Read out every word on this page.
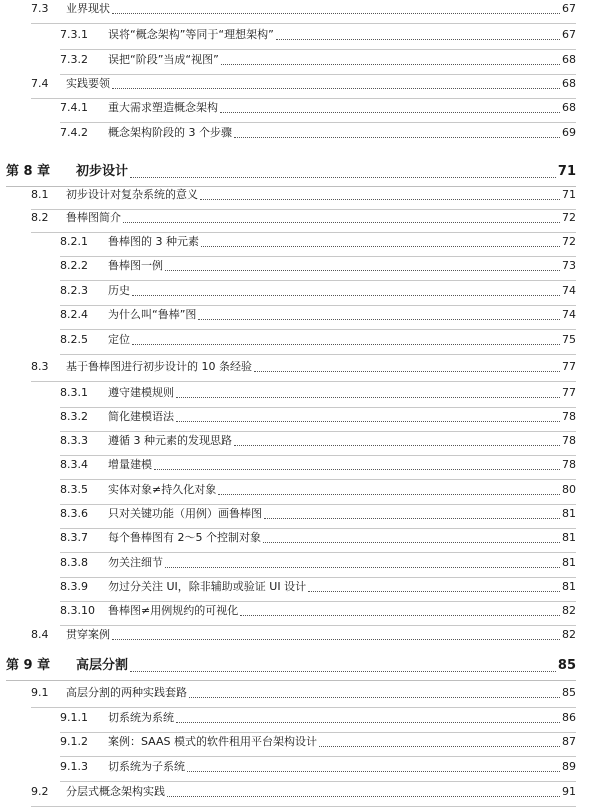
7.3 业界现状	67
7.3.1 误将“概念架构”等同于“理想架构”	67
7.3.2 误把“阶段”当成“视图”	68
7.4 实践要领	68
7.4.1 重大需求塑造概念架构	68
7.4.2 概念架构阶段的 3 个步骤	69
第 8 章 初步设计	71
8.1 初步设计对复杂系统的意义	71
8.2 鲁棒图简介	72
8.2.1 鲁棒图的 3 种元素	72
8.2.2 鲁棒图一例	73
8.2.3 历史	74
8.2.4 为什么叫“鲁棒”图	74
8.2.5 定位	75
8.3 基于鲁棒图进行初步设计的 10 条经验	77
8.3.1 遵守建模规则	77
8.3.2 简化建模语法	78
8.3.3 遵循 3 种元素的发现思路	78
8.3.4 增量建模	78
8.3.5 实体对象≠持久化对象	80
8.3.6 只对关键功能（用例）画鲁棒图	81
8.3.7 每个鲁棒图有 2～5 个控制对象	81
8.3.8 勿关注细节	81
8.3.9 勿过分关注 UI，除非辅助或验证 UI 设计	81
8.3.10 鲁棒图≠用例规约的可视化	82
8.4 贯穿案例	82
第 9 章 高层分割	85
9.1 高层分割的两种实践套路	85
9.1.1 切系统为系统	86
9.1.2 案例：SAAS 模式的软件租用平台架构设计	87
9.1.3 切系统为子系统	89
9.2 分层式概念架构实践	91
